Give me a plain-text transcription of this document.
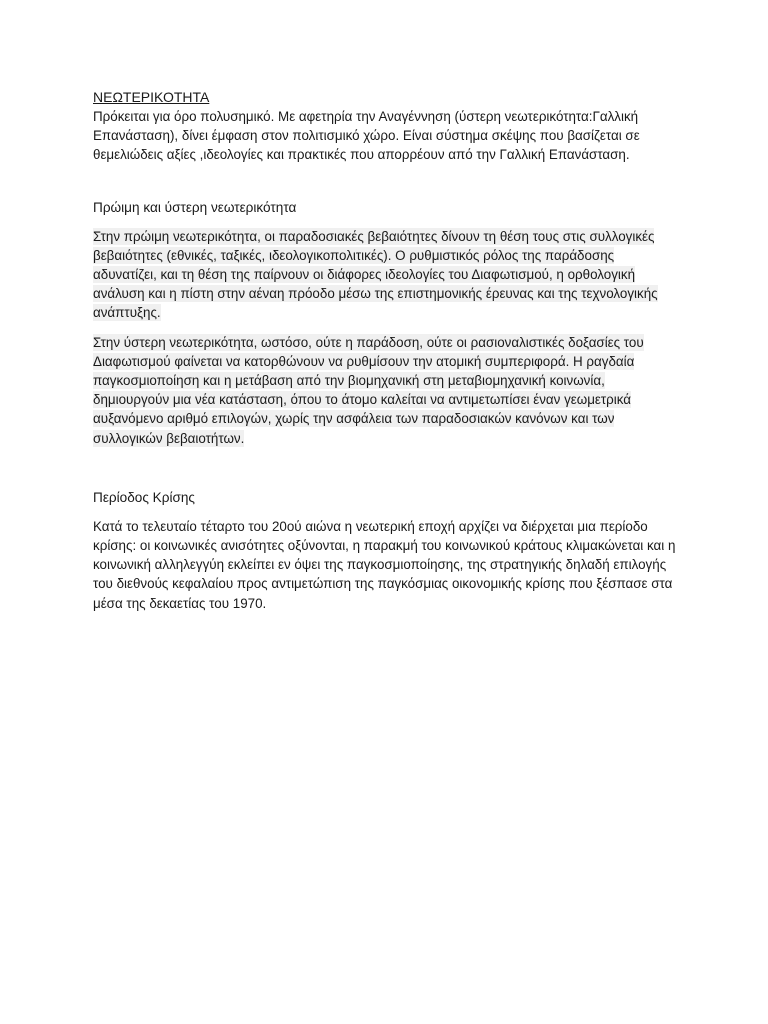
ΝΕΩΤΕΡΙΚΟΤΗΤΑ

Πρόκειται για όρο πολυσημικό. Με αφετηρία την Αναγέννηση (ύστερη νεωτερικότητα:Γαλλική Επανάσταση), δίνει έμφαση στον πολιτισμικό χώρο. Είναι σύστημα σκέψης που βασίζεται σε θεμελιώδεις αξίες ,ιδεολογίες και πρακτικές που απορρέουν από την Γαλλική Επανάσταση.

Πρώιμη και ύστερη νεωτερικότητα

Στην πρώιμη νεωτερικότητα, οι παραδοσιακές βεβαιότητες δίνουν τη θέση τους στις συλλογικές βεβαιότητες (εθνικές, ταξικές, ιδεολογικοπολιτικές). Ο ρυθμιστικός ρόλος της παράδοσης αδυνατίζει, και τη θέση της παίρνουν οι διάφορες ιδεολογίες του Διαφωτισμού, η ορθολογική ανάλυση και η πίστη στην αέναη πρόοδο μέσω της επιστημονικής έρευνας και της τεχνολογικής ανάπτυξης.

Στην ύστερη νεωτερικότητα, ωστόσο, ούτε η παράδοση, ούτε οι ρασιοναλιστικές δοξασίες του Διαφωτισμού φαίνεται να κατορθώνουν να ρυθμίσουν την ατομική συμπεριφορά. Η ραγδαία παγκοσμιοποίηση και η μετάβαση από την βιομηχανική στη μεταβιομηχανική κοινωνία, δημιουργούν μια νέα κατάσταση, όπου το άτομο καλείται να αντιμετωπίσει έναν γεωμετρικά αυξανόμενο αριθμό επιλογών, χωρίς την ασφάλεια των παραδοσιακών κανόνων και των συλλογικών βεβαιοτήτων.

Περίοδος Κρίσης

Κατά το τελευταίο τέταρτο του 20ού αιώνα η νεωτερική εποχή αρχίζει να διέρχεται μια περίοδο κρίσης: οι κοινωνικές ανισότητες οξύνονται, η παρακμή του κοινωνικού κράτους κλιμακώνεται και η κοινωνική αλληλεγγύη εκλείπει εν όψει της παγκοσμιοποίησης, της στρατηγικής δηλαδή επιλογής του διεθνούς κεφαλαίου προς αντιμετώπιση της παγκόσμιας οικονομικής κρίσης που ξέσπασε στα μέσα της δεκαετίας του 1970.
